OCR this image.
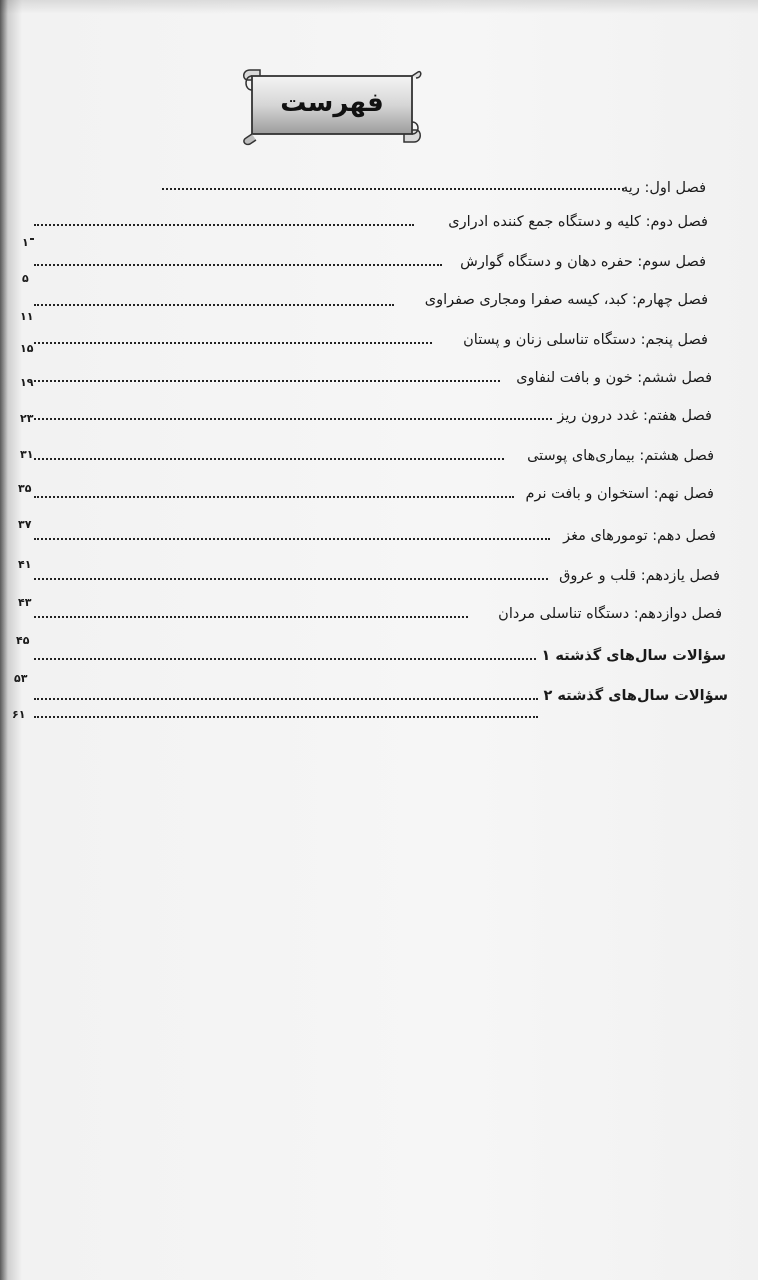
فهرست
فصل اول: ریه
فصل دوم: کلیه و دستگاه جمع کننده ادراری
۱
فصل سوم: حفره دهان و دستگاه گوارش
۵
فصل چهارم: کبد، کیسه صفرا ومجاری صفراوی
۱۱
فصل پنجم: دستگاه تناسلی زنان و پستان
۱۵
فصل ششم: خون و بافت لنفاوی
۱۹
فصل هفتم: غدد درون ریز
۲۳
فصل هشتم: بیماری‌های پوستی
۳۱
فصل نهم: استخوان و بافت نرم
۳۵
فصل دهم: تومورهای مغز
۳۷
فصل یازدهم: قلب و عروق
۴۱
فصل دوازدهم: دستگاه تناسلی مردان
۴۳
سؤالات سال‌های گذشته ۱
۴۵
سؤالات سال‌های گذشته ۲
۵۳
۶۱
